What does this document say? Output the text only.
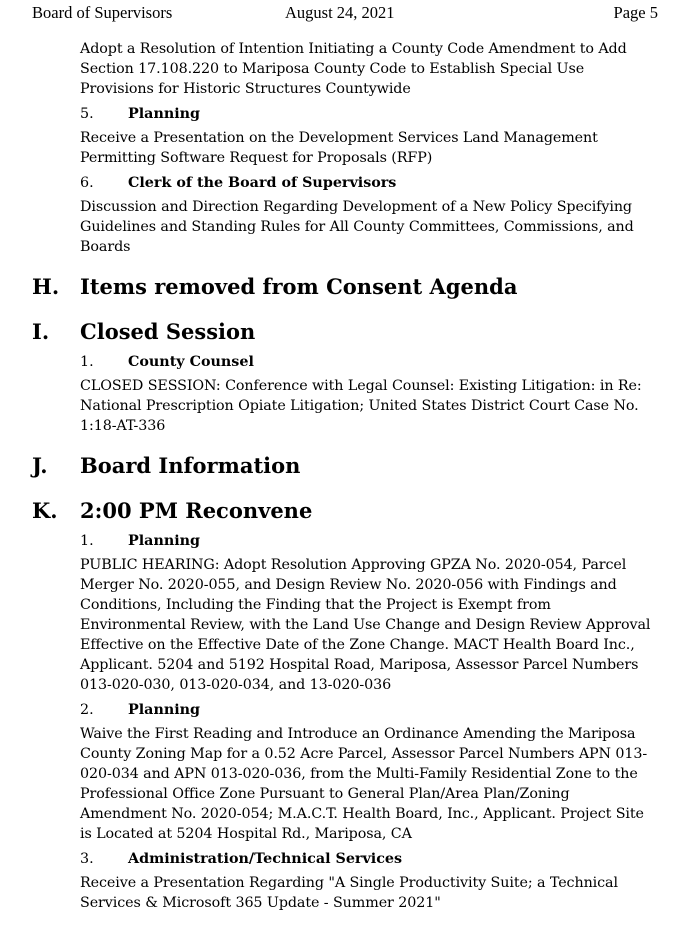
Board of Supervisors	August 24, 2021	Page 5

Adopt a Resolution of Intention Initiating a County Code Amendment to Add Section 17.108.220 to Mariposa County Code to Establish Special Use Provisions for Historic Structures Countywide

5. Planning

Receive a Presentation on the Development Services Land Management Permitting Software Request for Proposals (RFP)

6. Clerk of the Board of Supervisors

Discussion and Direction Regarding Development of a New Policy Specifying Guidelines and Standing Rules for All County Committees, Commissions, and Boards

H. Items removed from Consent Agenda
I. Closed Session
1. County Counsel

CLOSED SESSION: Conference with Legal Counsel: Existing Litigation: in Re: National Prescription Opiate Litigation; United States District Court Case No. 1:18-AT-336

J. Board Information
K. 2:00 PM Reconvene
1. Planning

PUBLIC HEARING: Adopt Resolution Approving GPZA No. 2020-054, Parcel Merger No. 2020-055, and Design Review No. 2020-056 with Findings and Conditions, Including the Finding that the Project is Exempt from Environmental Review, with the Land Use Change and Design Review Approval Effective on the Effective Date of the Zone Change. MACT Health Board Inc., Applicant. 5204 and 5192 Hospital Road, Mariposa, Assessor Parcel Numbers 013-020-030, 013-020-034, and 13-020-036

2. Planning

Waive the First Reading and Introduce an Ordinance Amending the Mariposa County Zoning Map for a 0.52 Acre Parcel, Assessor Parcel Numbers APN 013-020-034 and APN 013-020-036, from the Multi-Family Residential Zone to the Professional Office Zone Pursuant to General Plan/Area Plan/Zoning Amendment No. 2020-054; M.A.C.T. Health Board, Inc., Applicant. Project Site is Located at 5204 Hospital Rd., Mariposa, CA

3. Administration/Technical Services

Receive a Presentation Regarding "A Single Productivity Suite; a Technical Services & Microsoft 365 Update - Summer 2021"
